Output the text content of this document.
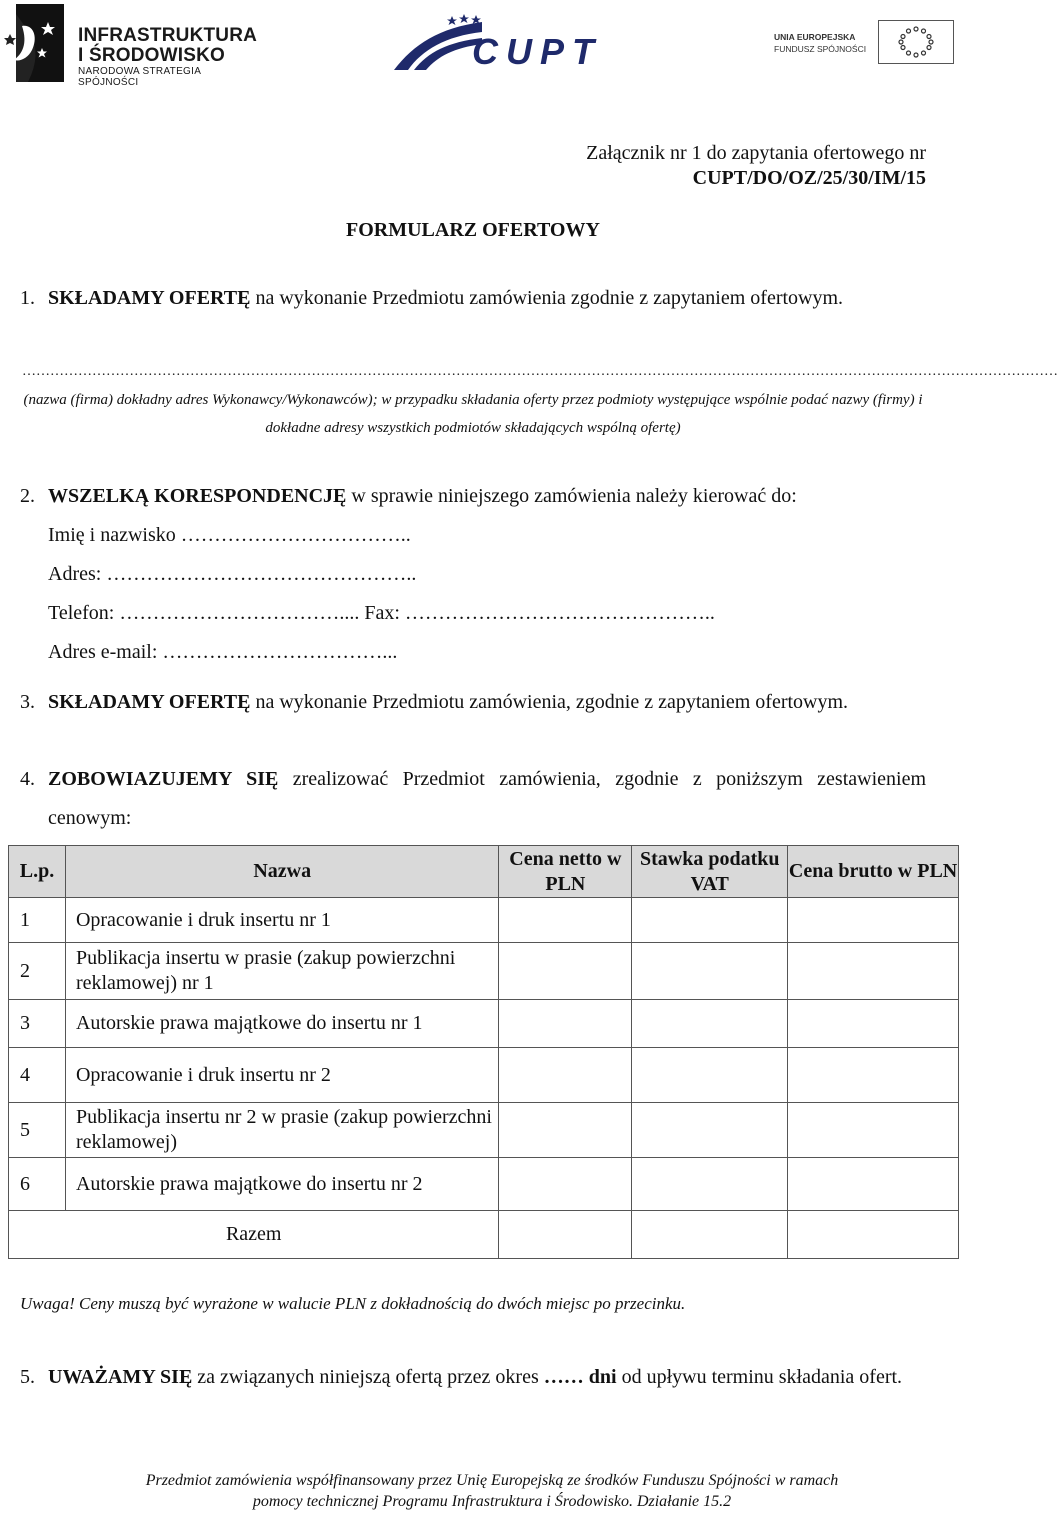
INFRASTRUKTURA
I ŚRODOWISKO
NARODOWA STRATEGIA SPÓJNOŚCI
CUPT	UNIA EUROPEJSKA
FUNDUSZ SPÓJNOŚCI
Załącznik nr 1 do zapytania ofertowego nr
CUPT/DO/OZ/25/30/IM/15
FORMULARZ OFERTOWY
1. SKŁADAMY OFERTĘ na wykonanie Przedmiotu zamówienia zgodnie z zapytaniem ofertowym.
……………………………………………………………………………………………………………………………………………………………………………………………………
(nazwa (firma) dokładny adres Wykonawcy/Wykonawców); w przypadku składania oferty przez podmioty występujące wspólnie podać nazwy (firmy) i dokładne adresy wszystkich podmiotów składających wspólną ofertę)
2. WSZELKĄ KORESPONDENCJĘ w sprawie niniejszego zamówienia należy kierować do:
Imię i nazwisko ……………………………..
Adres: ………………………………………..
Telefon: …………………………….... Fax: ………………………………………..
Adres e-mail: ……………………………...
3. SKŁADAMY OFERTĘ na wykonanie Przedmiotu zamówienia, zgodnie z zapytaniem ofertowym.
4. ZOBOWIAZUJEMY SIĘ zrealizować Przedmiot zamówienia, zgodnie z poniższym zestawieniem cenowym:
L.p.	Nazwa	Cena netto w PLN	Stawka podatku VAT	Cena brutto w PLN
1	Opracowanie i druk insertu nr 1			
2	Publikacja insertu w prasie (zakup powierzchni reklamowej) nr 1			
3	Autorskie prawa majątkowe do insertu nr 1			
4	Opracowanie i druk insertu nr 2			
5	Publikacja insertu nr 2 w prasie (zakup powierzchni reklamowej)			
6	Autorskie prawa majątkowe do insertu nr 2			
Razem				
Uwaga! Ceny muszą być wyrażone w walucie PLN z dokładnością do dwóch miejsc po przecinku.
5. UWAŻAMY SIĘ za związanych niniejszą ofertą przez okres …… dni od upływu terminu składania ofert.
Przedmiot zamówienia współfinansowany przez Unię Europejską ze środków Funduszu Spójności w ramach
pomocy technicznej Programu Infrastruktura i Środowisko. Działanie 15.2
